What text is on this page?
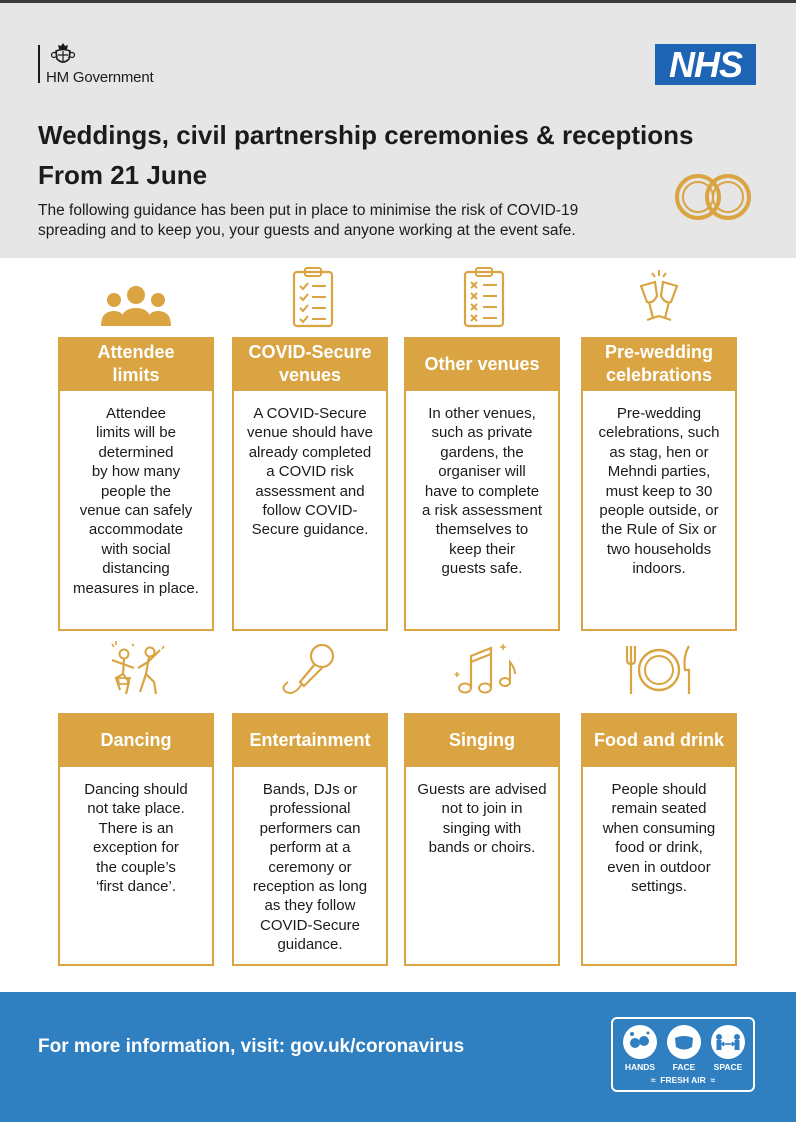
HM Government	NHS
Weddings, civil partnership ceremonies & receptions
From 21 June
The following guidance has been put in place to minimise the risk of COVID-19
spreading and to keep you, your guests and anyone working at the event safe.
Attendee
limits
Attendee
limits will be
determined
by how many
people the
venue can safely
accommodate
with social
distancing
measures in place.
COVID-Secure
venues
A COVID-Secure
venue should have
already completed
a COVID risk
assessment and
follow COVID-
Secure guidance.
Other venues
In other venues,
such as private
gardens, the
organiser will
have to complete
a risk assessment
themselves to
keep their
guests safe.
Pre-wedding
celebrations
Pre-wedding
celebrations, such
as stag, hen or
Mehndi parties,
must keep to 30
people outside, or
the Rule of Six or
two households
indoors.
Dancing
Dancing should
not take place.
There is an
exception for
the couple’s
‘first dance’.
Entertainment
Bands, DJs or
professional
performers can
perform at a
ceremony or
reception as long
as they follow
COVID-Secure
guidance.
Singing
Guests are advised
not to join in
singing with
bands or choirs.
Food and drink
People should
remain seated
when consuming
food or drink,
even in outdoor
settings.
For more information, visit: gov.uk/coronavirus
HANDS	FACE	SPACE
≈  FRESH AIR  ≈
